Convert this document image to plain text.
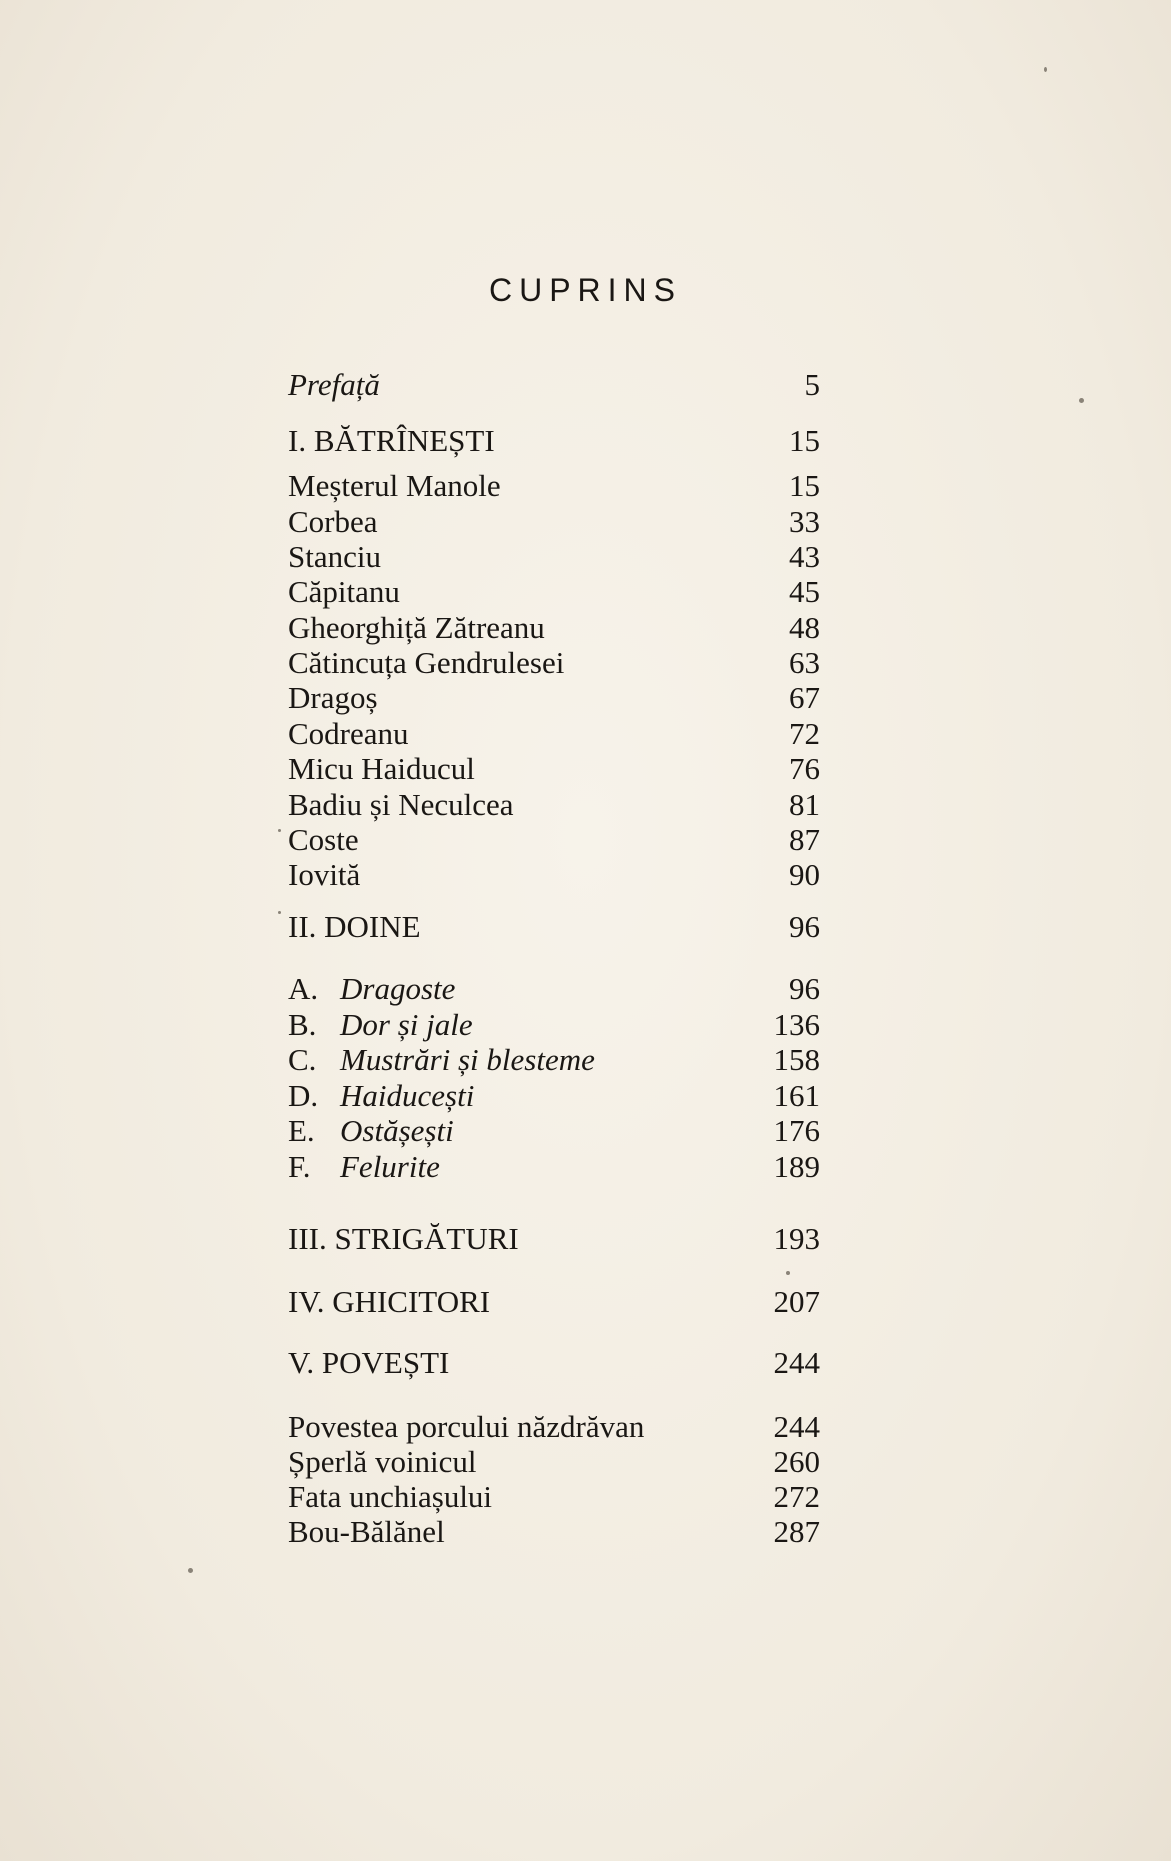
CUPRINS
Prefață	5
I. BĂTRÎNEȘTI	15
Meșterul Manole	15
Corbea	33
Stanciu	43
Căpitanu	45
Gheorghiță Zătreanu	48
Cătincuța Gendrulesei	63
Dragoș	67
Codreanu	72
Micu Haiducul	76
Badiu și Neculcea	81
Coste	87
Iovită	90
II. DOINE	96
A. Dragoste	96
B. Dor și jale	136
C. Mustrări și blesteme	158
D. Haiducești	161
E. Ostășești	176
F. Felurite	189
III. STRIGĂTURI	193
IV. GHICITORI	207
V. POVEȘTI	244
Povestea porcului năzdrăvan	244
Șperlă voinicul	260
Fata unchiașului	272
Bou-Bălănel	287
